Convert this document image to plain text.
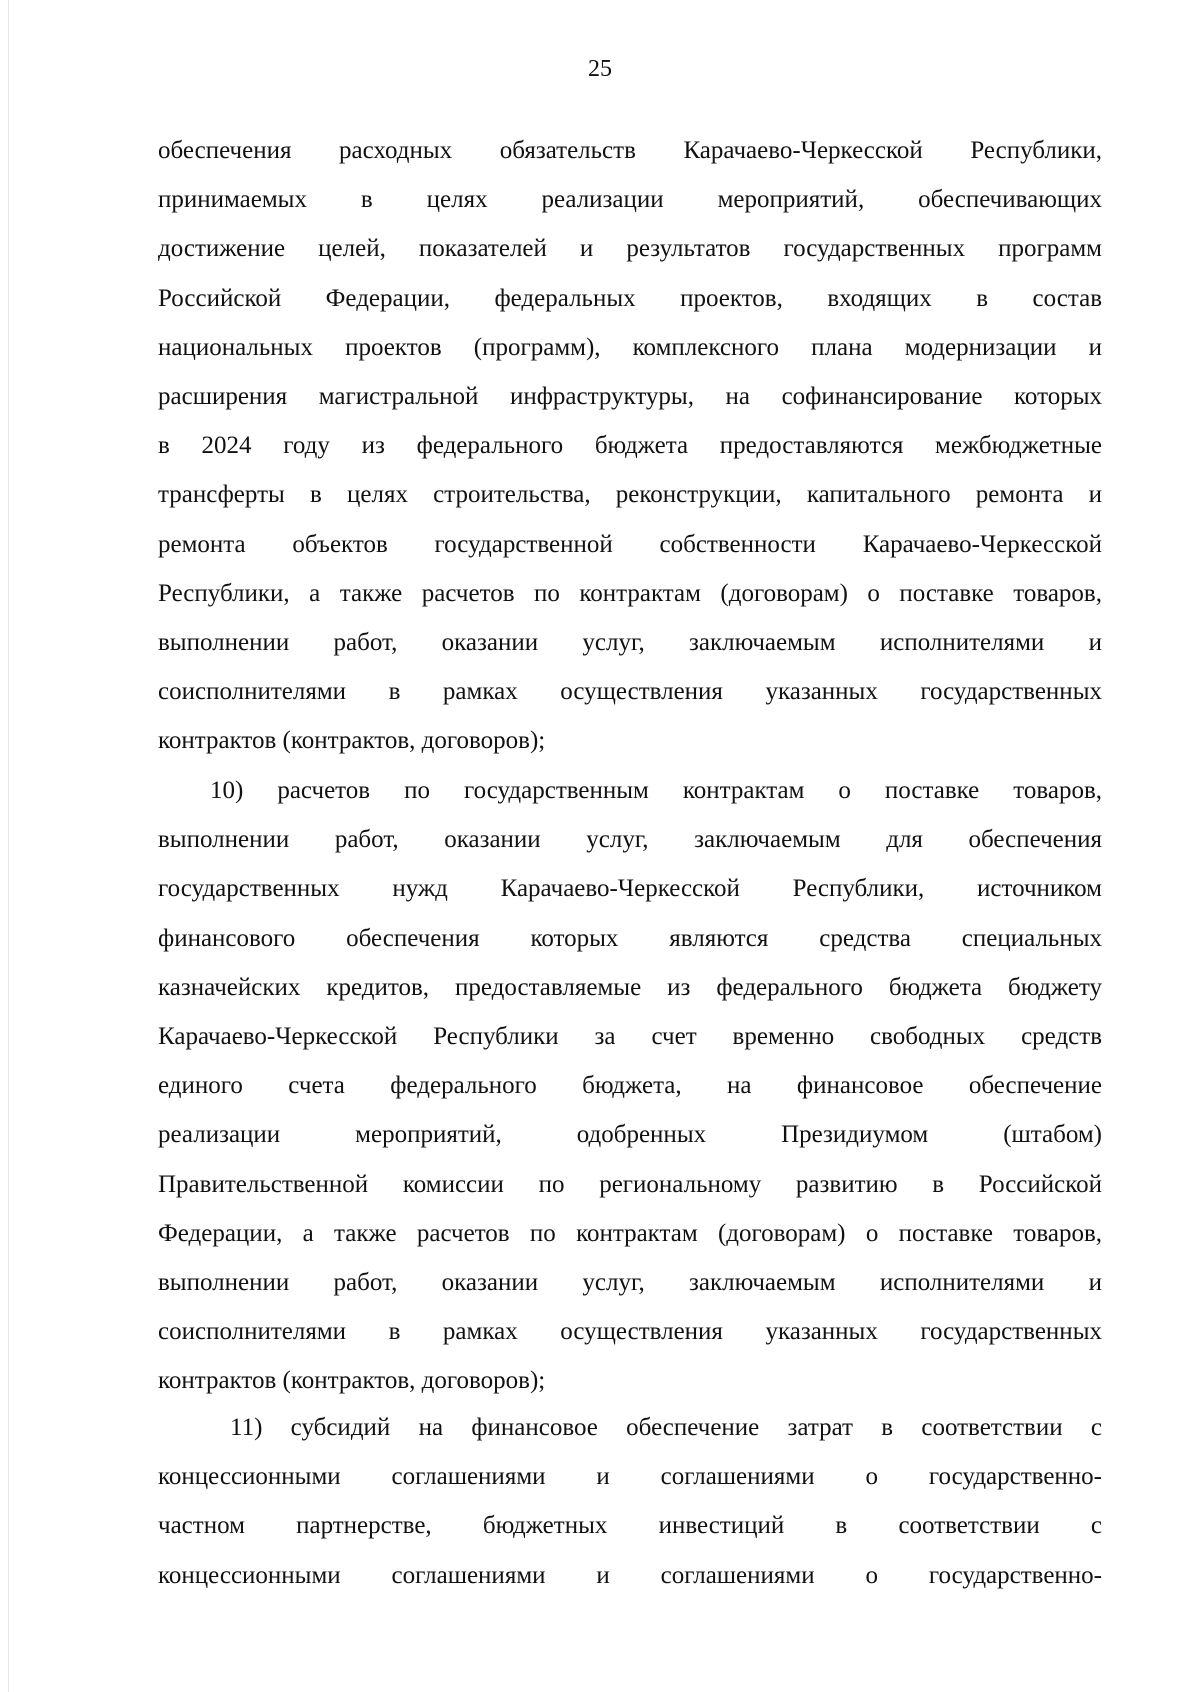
25
обеспечения расходных обязательств Карачаево-Черкесской Республики,
принимаемых в целях реализации мероприятий, обеспечивающих
достижение целей, показателей и результатов государственных программ
Российской Федерации, федеральных проектов, входящих в состав
национальных проектов (программ), комплексного плана модернизации и
расширения магистральной инфраструктуры, на софинансирование которых
в 2024 году из федерального бюджета предоставляются межбюджетные
трансферты в целях строительства, реконструкции, капитального ремонта и
ремонта объектов государственной собственности Карачаево-Черкесской
Республики, а также расчетов по контрактам (договорам) о поставке товаров,
выполнении работ, оказании услуг, заключаемым исполнителями и
соисполнителями в рамках осуществления указанных государственных
контрактов (контрактов, договоров);
10) расчетов по государственным контрактам о поставке товаров,
выполнении работ, оказании услуг, заключаемым для обеспечения
государственных нужд Карачаево-Черкесской Республики, источником
финансового обеспечения которых являются средства специальных
казначейских кредитов, предоставляемые из федерального бюджета бюджету
Карачаево-Черкесской Республики за счет временно свободных средств
единого счета федерального бюджета, на финансовое обеспечение
реализации мероприятий, одобренных Президиумом (штабом)
Правительственной комиссии по региональному развитию в Российской
Федерации, а также расчетов по контрактам (договорам) о поставке товаров,
выполнении работ, оказании услуг, заключаемым исполнителями и
соисполнителями в рамках осуществления указанных государственных
контрактов (контрактов, договоров);
11) субсидий на финансовое обеспечение затрат в соответствии с
концессионными соглашениями и соглашениями о государственно-
частном партнерстве, бюджетных инвестиций в соответствии с
концессионными соглашениями и соглашениями о государственно-
